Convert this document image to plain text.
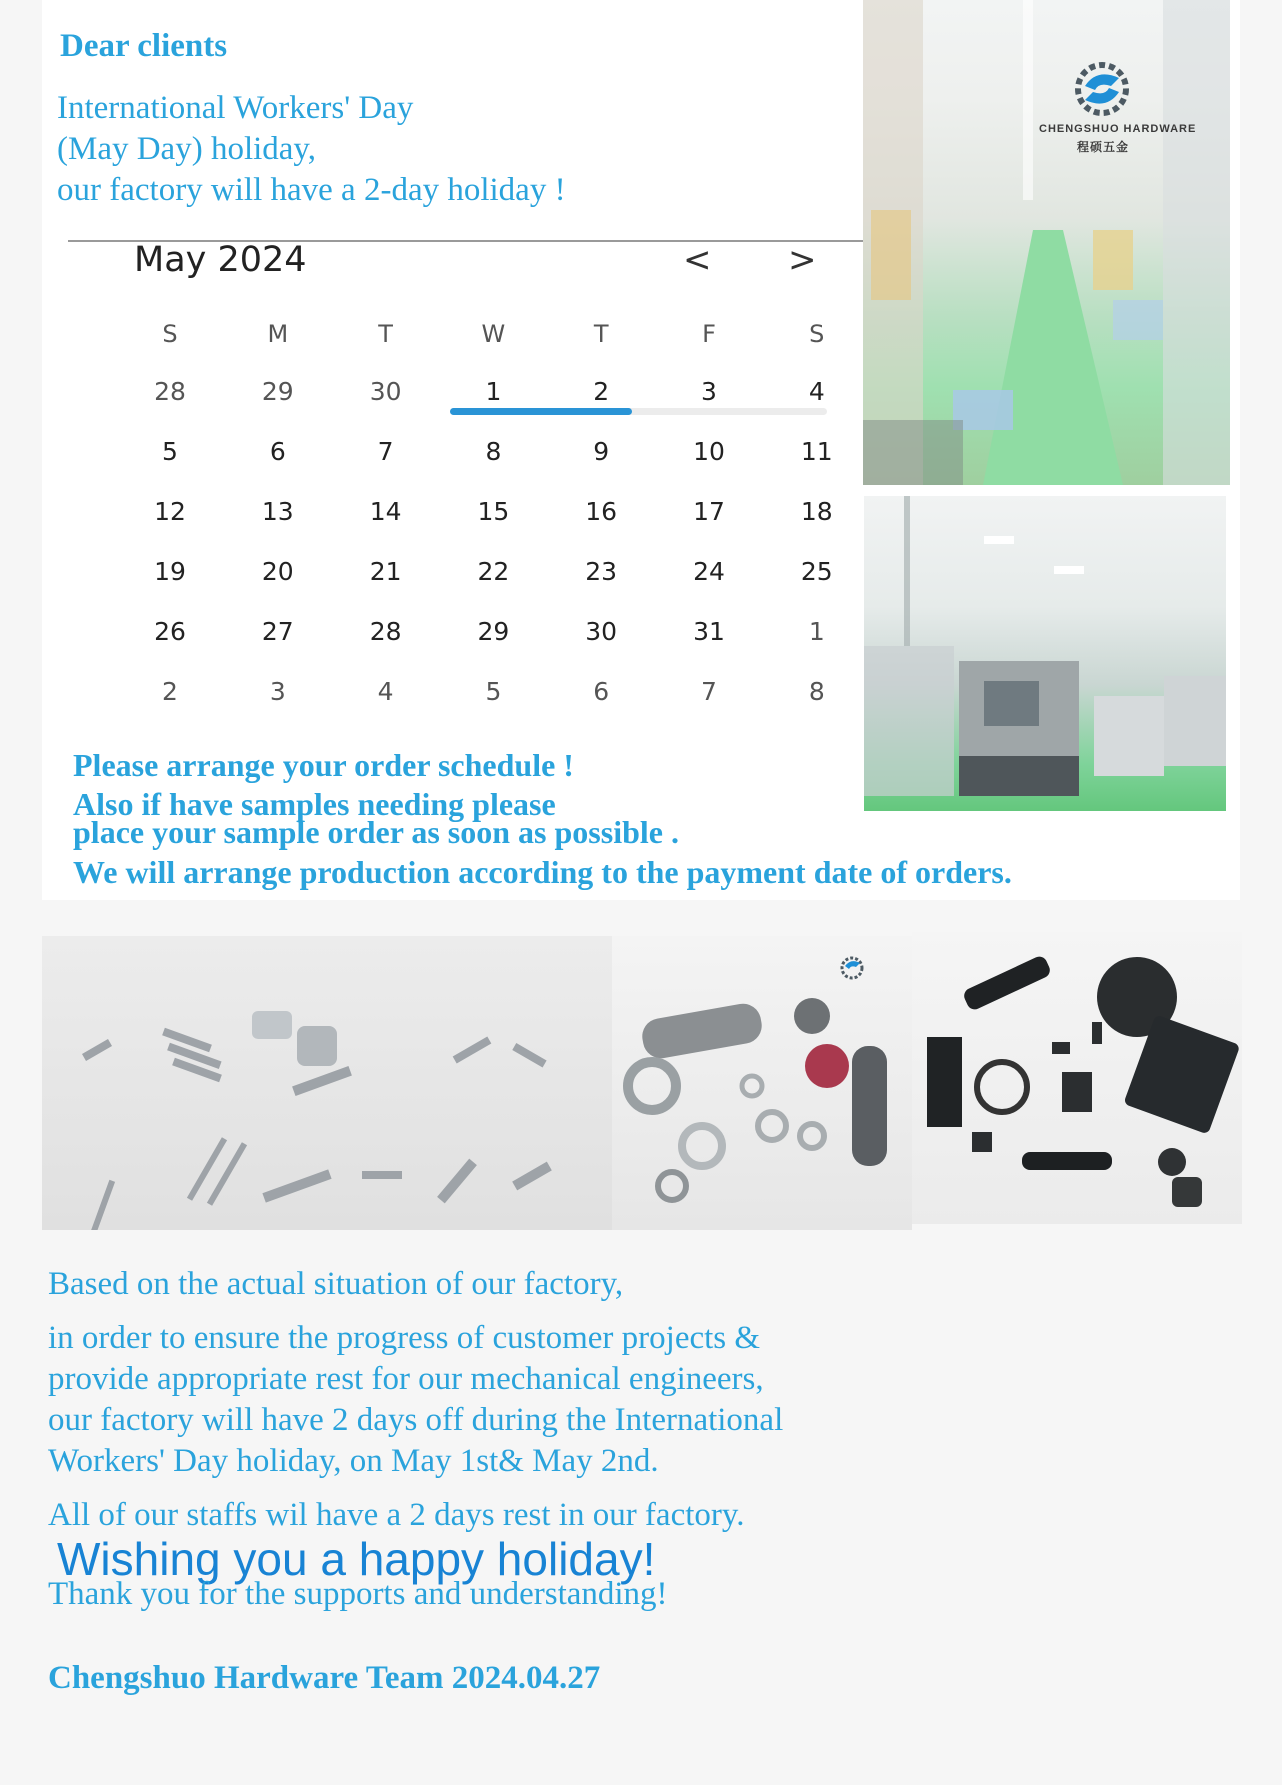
Dear clients
International Workers' Day
(May Day) holiday,
our factory will have a 2-day holiday !
May 2024	< >
S	M	T	W	T	F	S
28	29	30	1	2	3	4
5	6	7	8	9	10	11
12	13	14	15	16	17	18
19	20	21	22	23	24	25
26	27	28	29	30	31	1
2	3	4	5	6	7	8
Please arrange your order schedule !
Also if have samples needing please
place your sample order as soon as possible .
We will arrange production according to the payment date of orders.
CHENGSHUO HARDWARE
程硕五金
Based on the actual situation of our factory,
in order to ensure the progress of customer projects &
provide appropriate rest for our mechanical engineers,
our factory will have 2 days off during the International
Workers' Day holiday, on May 1st& May 2nd.
All of our staffs wil have a 2 days rest in our factory.
Wishing you a happy holiday!
Thank you for the supports and understanding!
Chengshuo Hardware Team 2024.04.27
